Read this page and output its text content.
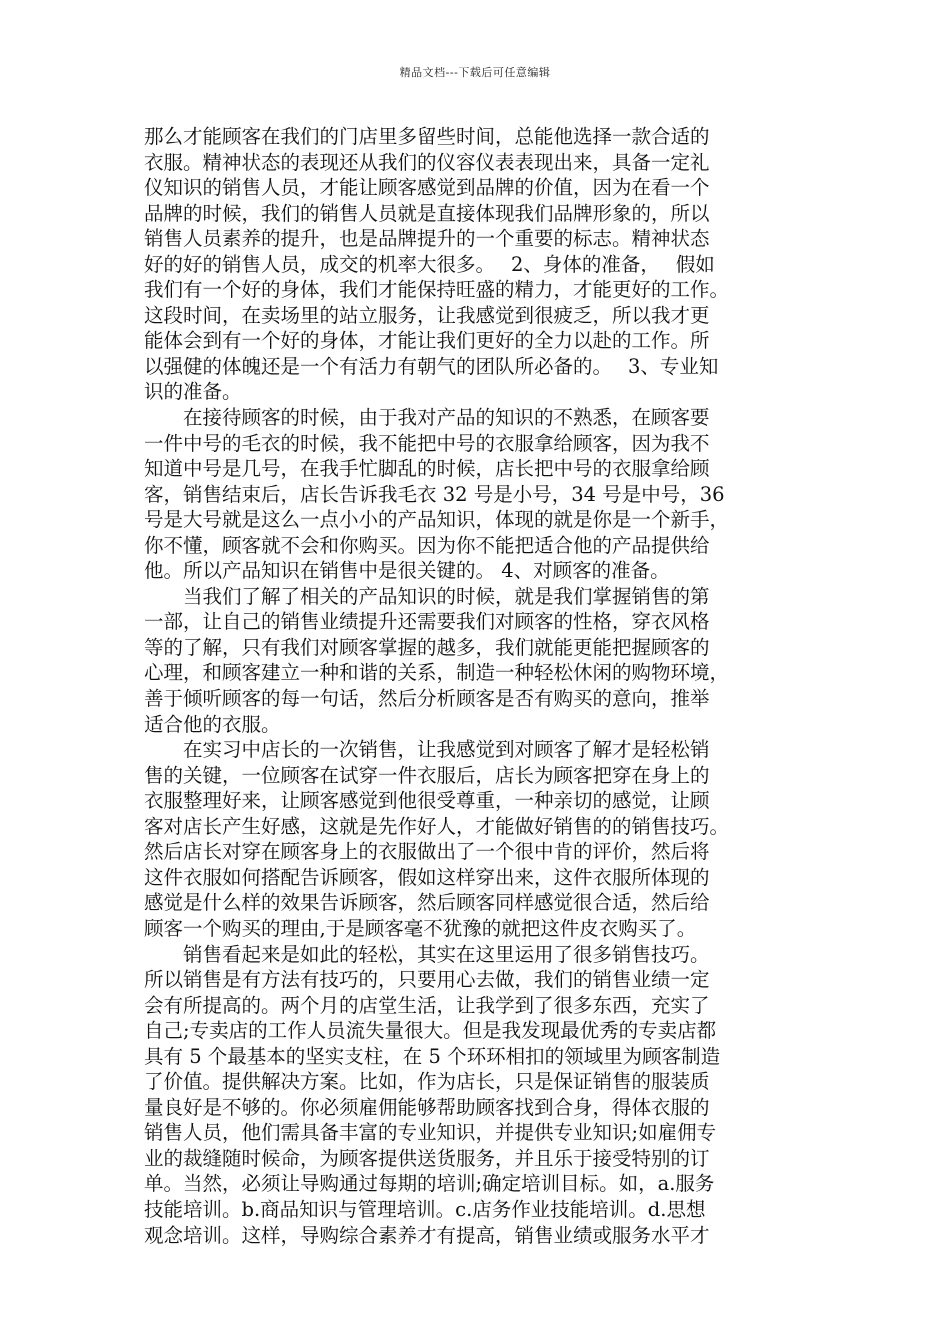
精品文档---下载后可任意编辑
那么才能顾客在我们的门店里多留些时间，总能他选择一款合适的
衣服。精神状态的表现还从我们的仪容仪表表现出来，具备一定礼
仪知识的销售人员，才能让顾客感觉到品牌的价值，因为在看一个
品牌的时候，我们的销售人员就是直接体现我们品牌形象的，所以
销售人员素养的提升，也是品牌提升的一个重要的标志。精神状态
好的好的销售人员，成交的机率大很多。　 2、身体的准备，　 假如
我们有一个好的身体，我们才能保持旺盛的精力，才能更好的工作。
这段时间，在卖场里的站立服务，让我感觉到很疲乏，所以我才更
能体会到有一个好的身体，才能让我们更好的全力以赴的工作。所
以强健的体魄还是一个有活力有朝气的团队所必备的。　 3、专业知
识的准备。
　　在接待顾客的时候，由于我对产品的知识的不熟悉，在顾客要
一件中号的毛衣的时候，我不能把中号的衣服拿给顾客，因为我不
知道中号是几号，在我手忙脚乱的时候，店长把中号的衣服拿给顾
客，销售结束后，店长告诉我毛衣 32 号是小号，34 号是中号，36
号是大号就是这么一点小小的产品知识，体现的就是你是一个新手，
你不懂，顾客就不会和你购买。因为你不能把适合他的产品提供给
他。所以产品知识在销售中是很关键的。 4、对顾客的准备。
　　当我们了解了相关的产品知识的时候，就是我们掌握销售的第
一部，让自己的销售业绩提升还需要我们对顾客的性格，穿衣风格
等的了解，只有我们对顾客掌握的越多，我们就能更能把握顾客的
心理，和顾客建立一种和谐的关系，制造一种轻松休闲的购物环境，
善于倾听顾客的每一句话，然后分析顾客是否有购买的意向，推举
适合他的衣服。
　　在实习中店长的一次销售，让我感觉到对顾客了解才是轻松销
售的关键，一位顾客在试穿一件衣服后，店长为顾客把穿在身上的
衣服整理好来，让顾客感觉到他很受尊重，一种亲切的感觉，让顾
客对店长产生好感，这就是先作好人，才能做好销售的的销售技巧。
然后店长对穿在顾客身上的衣服做出了一个很中肯的评价，然后将
这件衣服如何搭配告诉顾客，假如这样穿出来，这件衣服所体现的
感觉是什么样的效果告诉顾客，然后顾客同样感觉很合适，然后给
顾客一个购买的理由,于是顾客毫不犹豫的就把这件皮衣购买了。
　　销售看起来是如此的轻松，其实在这里运用了很多销售技巧。
所以销售是有方法有技巧的，只要用心去做，我们的销售业绩一定
会有所提高的。两个月的店堂生活，让我学到了很多东西，充实了
自己;专卖店的工作人员流失量很大。但是我发现最优秀的专卖店都
具有 5 个最基本的坚实支柱，在 5 个环环相扣的领域里为顾客制造
了价值。提供解决方案。比如，作为店长，只是保证销售的服装质
量良好是不够的。你必须雇佣能够帮助顾客找到合身，得体衣服的
销售人员，他们需具备丰富的专业知识，并提供专业知识;如雇佣专
业的裁缝随时候命，为顾客提供送货服务，并且乐于接受特别的订
单。当然，必须让导购通过每期的培训;确定培训目标。如，a.服务
技能培训。b.商品知识与管理培训。c.店务作业技能培训。d.思想
观念培训。这样，导购综合素养才有提高，销售业绩或服务水平才
